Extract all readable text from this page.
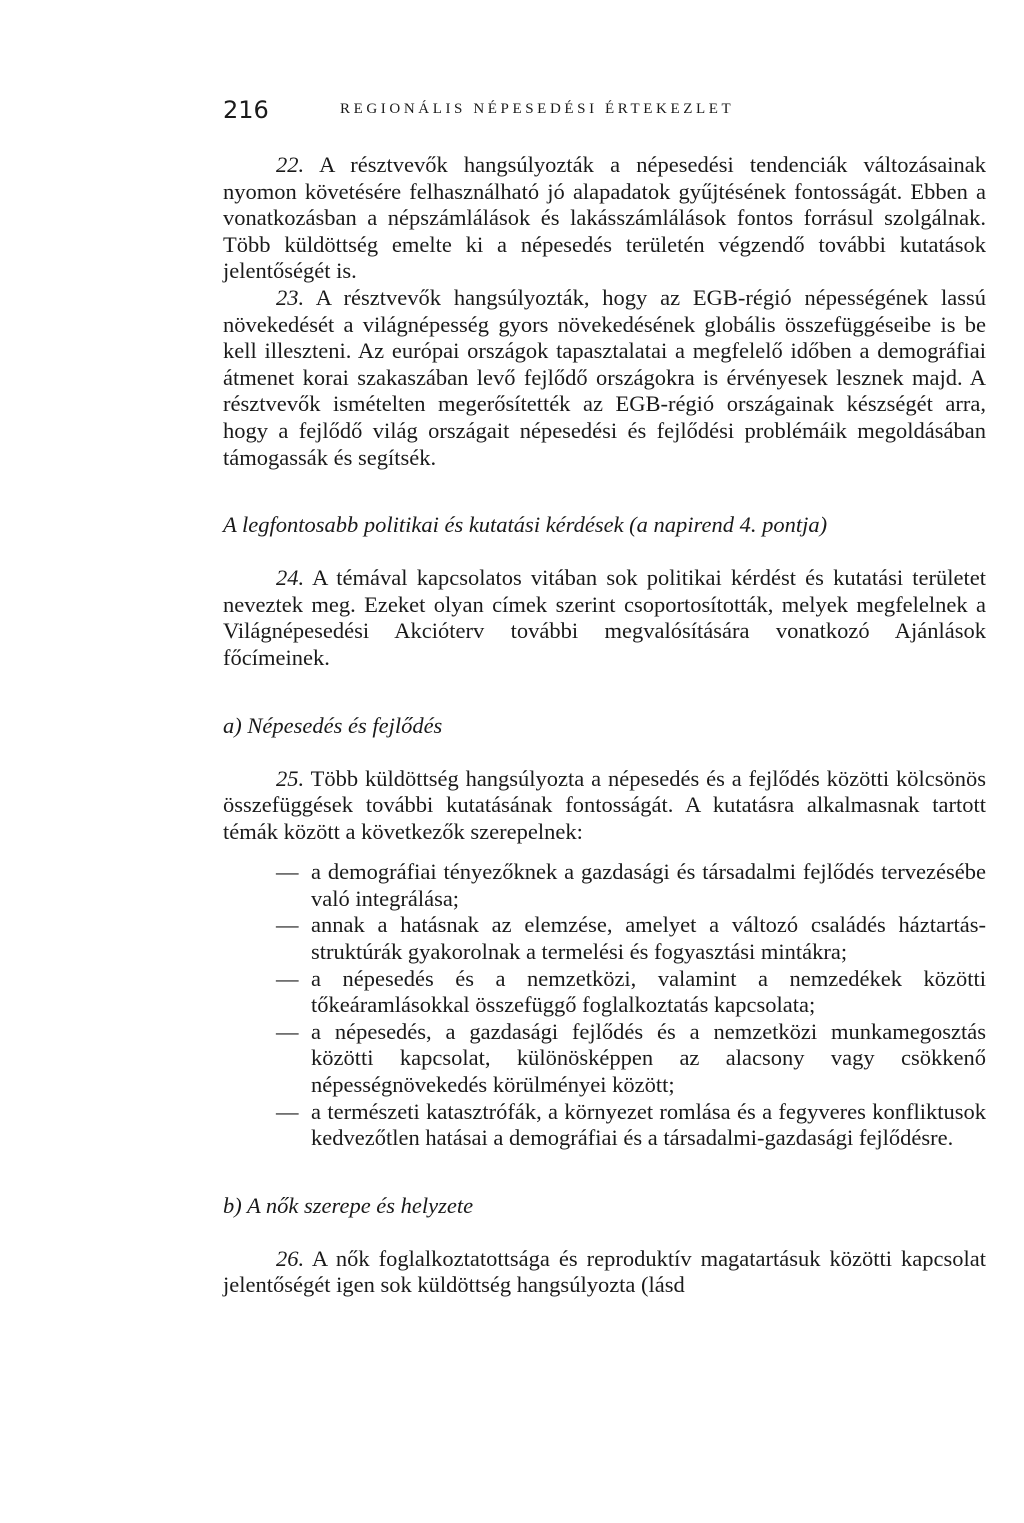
216	REGIONÁLIS NÉPESEDÉSI ÉRTEKEZLET

22. A résztvevők hangsúlyozták a népesedési tendenciák változásainak nyomon követésére felhasználható jó alapadatok gyűjtésének fontosságát. Ebben a vonatkozásban a népszámlálások és lakásszámlálások fontos forrásul szolgálnak. Több küldöttség emelte ki a népesedés területén végzendő további kutatások jelentőségét is.

23. A résztvevők hangsúlyozták, hogy az EGB-régió népességének lassú növekedését a világnépesség gyors növekedésének globális összefüggéseibe is be kell illeszteni. Az európai országok tapasztalatai a megfelelő időben a demográfiai átmenet korai szakaszában levő fejlődő országokra is érvényesek lesznek majd. A résztvevők ismételten megerősítették az EGB-régió országainak készségét arra, hogy a fejlődő világ országait népesedési és fejlődési problémáik megoldásában támogassák és segítsék.

A legfontosabb politikai és kutatási kérdések (a napirend 4. pontja)

24. A témával kapcsolatos vitában sok politikai kérdést és kutatási területet neveztek meg. Ezeket olyan címek szerint csoportosították, melyek megfelelnek a Világnépesedési Akcióterv további megvalósítására vonatkozó Ajánlások főcímeinek.

a) Népesedés és fejlődés

25. Több küldöttség hangsúlyozta a népesedés és a fejlődés közötti kölcsönös összefüggések további kutatásának fontosságát. A kutatásra alkalmasnak tartott témák között a következők szerepelnek:

— a demográfiai tényezőknek a gazdasági és társadalmi fejlődés tervezésébe való integrálása;
— annak a hatásnak az elemzése, amelyet a változó családés háztartás-struktúrák gyakorolnak a termelési és fogyasztási mintákra;
— a népesedés és a nemzetközi, valamint a nemzedékek közötti tőkeáramlásokkal összefüggő foglalkoztatás kapcsolata;
— a népesedés, a gazdasági fejlődés és a nemzetközi munkamegosztás közötti kapcsolat, különösképpen az alacsony vagy csökkenő népességnövekedés körülményei között;
— a természeti katasztrófák, a környezet romlása és a fegyveres konfliktusok kedvezőtlen hatásai a demográfiai és a társadalmi-gazdasági fejlődésre.

b) A nők szerepe és helyzete

26. A nők foglalkoztatottsága és reproduktív magatartásuk közötti kapcsolat jelentőségét igen sok küldöttség hangsúlyozta (lásd
